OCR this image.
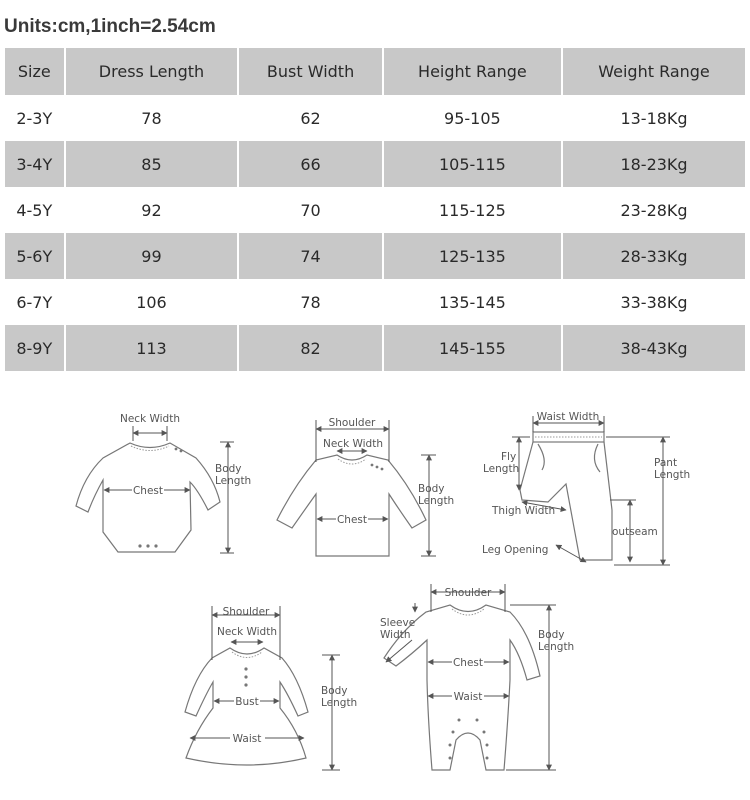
Units:cm,1inch=2.54cm
Size	Dress Length	Bust Width	Height Range	Weight Range
2-3Y	78	62	95-105	13-18Kg
3-4Y	85	66	105-115	18-23Kg
4-5Y	92	70	115-125	23-28Kg
5-6Y	99	74	125-135	28-33Kg
6-7Y	106	78	135-145	33-38Kg
8-9Y	113	82	145-155	38-43Kg
Neck Width
Chest
Body
Length
Shoulder
Neck Width
Chest
Body
Length
Waist Width
Fly
Length
Thigh Width
Leg Opening
Pant
Length
outseam
Shoulder
Neck Width
Bust
Waist
Body
Length
Shoulder
Sleeve
Width
Chest
Waist
Body
Length
